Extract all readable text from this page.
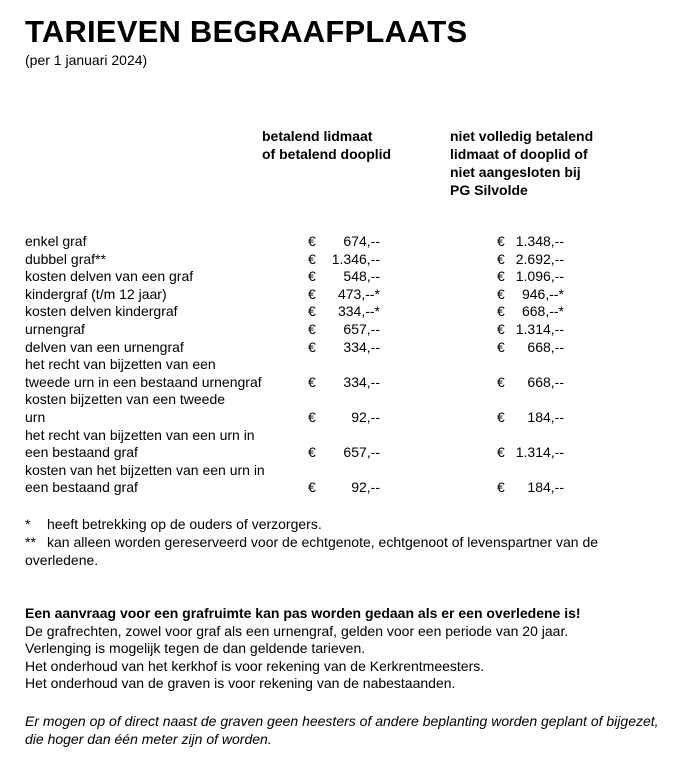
TARIEVEN BEGRAAFPLAATS
(per 1 januari 2024)
betalend lidmaat
of betalend dooplid
niet volledig betalend
lidmaat of dooplid of
niet aangesloten bij
PG Silvolde
enkel graf	€	674,--	€ 1.348,--
dubbel graf**	€	1.346,--	€ 2.692,--
kosten delven van een graf	€	548,--	€ 1.096,--
kindergraf (t/m 12 jaar)	€	473,--*	€	946,--*
kosten delven kindergraf	€	334,--*	€	668,--*
urnengraf	€	657,--	€ 1.314,--
delven van een urnengraf	€	334,--	€	668,--
het recht van bijzetten van een
tweede urn in een bestaand urnengraf	€	334,--	€	668,--
kosten bijzetten van een tweede
urn	€	92,--	€	184,--
het recht van bijzetten van een urn in
een bestaand graf	€	657,--	€ 1.314,--
kosten van het bijzetten van een urn in
een bestaand graf	€	92,--	€	184,--
* heeft betrekking op de ouders of verzorgers.
** kan alleen worden gereserveerd voor de echtgenote, echtgenoot of levenspartner van de overledene.
Een aanvraag voor een grafruimte kan pas worden gedaan als er een overledene is!
De grafrechten, zowel voor graf als een urnengraf, gelden voor een periode van 20 jaar.
Verlenging is mogelijk tegen de dan geldende tarieven.
Het onderhoud van het kerkhof is voor rekening van de Kerkrentmeesters.
Het onderhoud van de graven is voor rekening van de nabestaanden.
Er mogen op of direct naast de graven geen heesters of andere beplanting worden geplant of bijgezet, die hoger dan één meter zijn of worden.
